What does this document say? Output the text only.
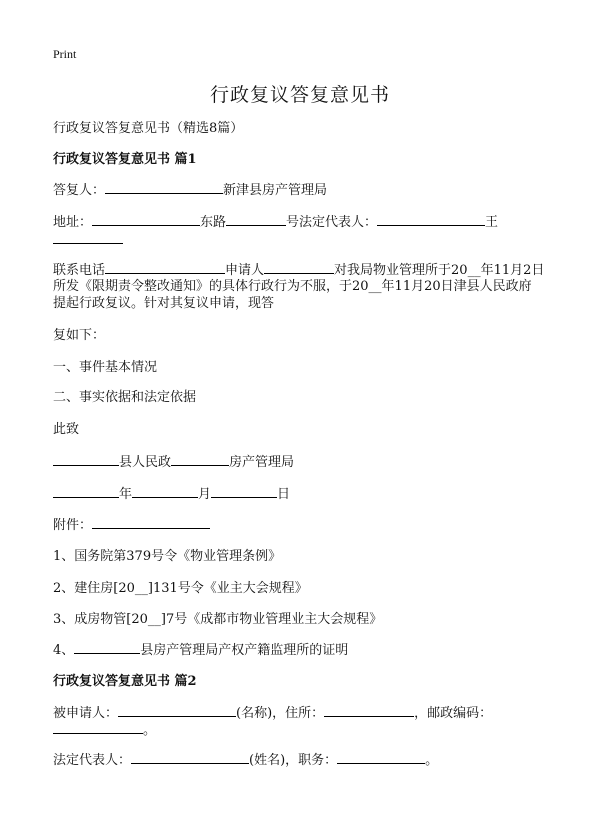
Print
行政复议答复意见书
行政复议答复意见书（精选8篇）
行政复议答复意见书 篇1
答复人：	新津县房产管理局
地址：	东路	号法定代表人：	王
联系电话	申请人	对我局物业管理所于20__年11月2日
所发《限期责令整改通知》的具体行政行为不服，于20__年11月20日津县人民政府
提起行政复议。针对其复议申请，现答
复如下：
一、事件基本情况
二、事实依据和法定依据
此致
县人民政	房产管理局
年	月	日
附件：
1、国务院第379号令《物业管理条例》
2、建住房[20__]131号令《业主大会规程》
3、成房物管[20__]7号《成都市物业管理业主大会规程》
4、	县房产管理局产权产籍监理所的证明
行政复议答复意见书 篇2
被申请人：	(名称)，住所：	，邮政编码：
。
法定代表人：	(姓名)，职务：	。
